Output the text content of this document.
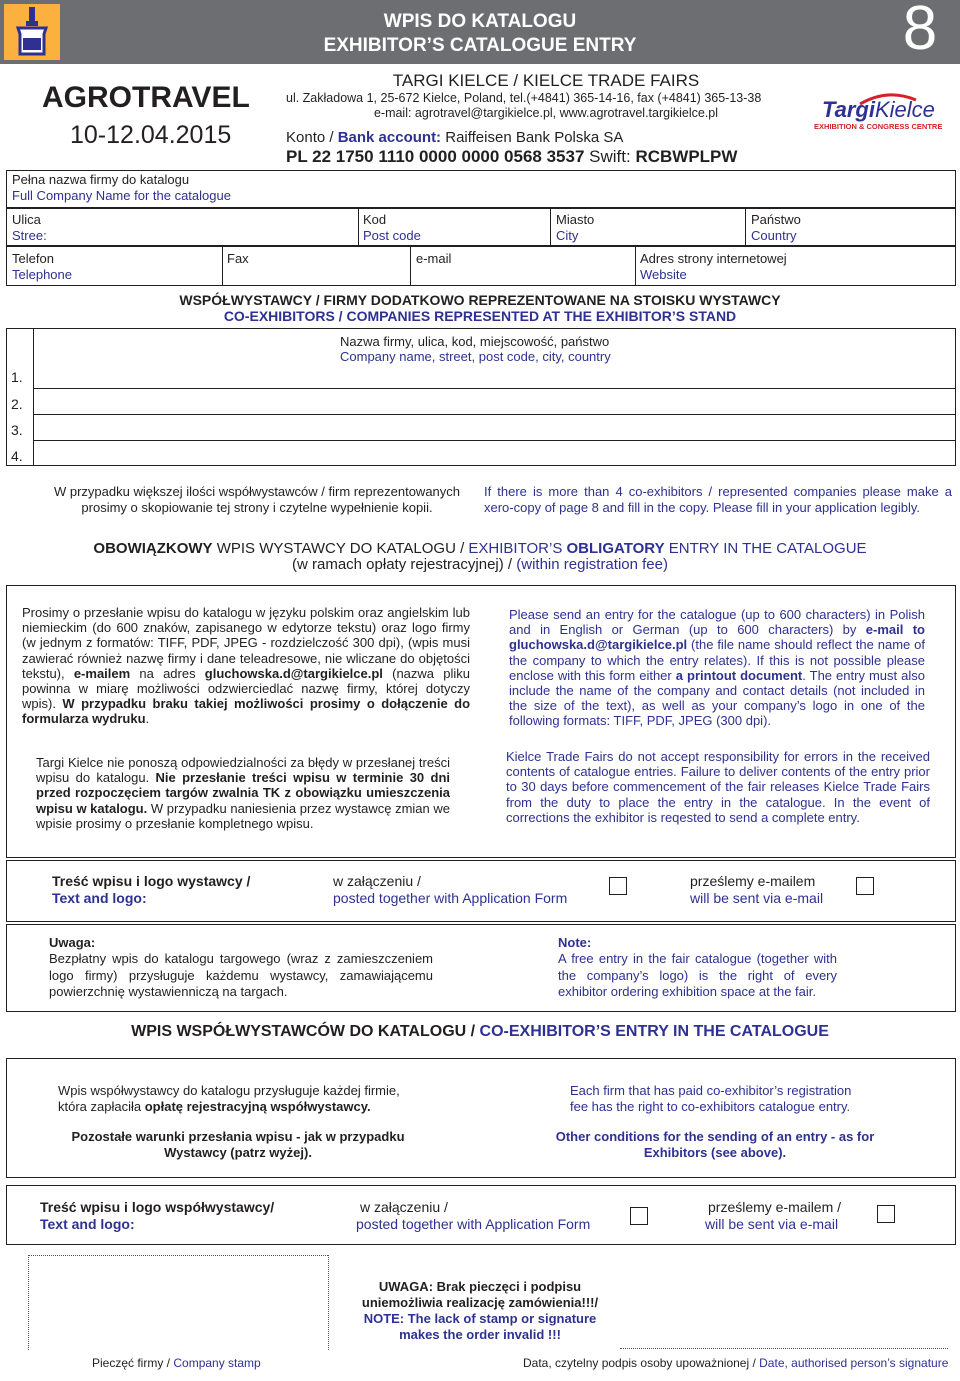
WPIS DO KATALOGU
EXHIBITOR’S CATALOGUE ENTRY	8
AGROTRAVEL
10-12.04.2015
TARGI KIELCE / KIELCE TRADE FAIRS
ul. Zakładowa 1, 25-672 Kielce, Poland, tel.(+4841) 365-14-16, fax (+4841) 365-13-38
e-mail: agrotravel@targikielce.pl, www.agrotravel.targikielce.pl
Konto / Bank account: Raiffeisen Bank Polska SA
PL 22 1750 1110 0000 0000 0568 3537 Swift: RCBWPLPW
TargiKielce
EXHIBITION & CONGRESS CENTRE
Pełna nazwa firmy do katalogu
Full Company Name for the catalogue
Ulica
Stree:
Kod
Post code
Miasto
City
Państwo
Country
Telefon
Telephone
Fax	e-mail	Adres strony internetowej
Website
WSPÓŁWYSTAWCY / FIRMY DODATKOWO REPREZENTOWANE NA STOISKU WYSTAWCY
CO-EXHIBITORS / COMPANIES REPRESENTED AT THE EXHIBITOR’S STAND
Nazwa firmy, ulica, kod, miejscowość, państwo
Company name, street, post code, city, country
1.
2.
3.
4.
W przypadku większej ilości współwystawców / firm reprezentowanych prosimy o skopiowanie tej strony i czytelne wypełnienie kopii.
If there is more than 4 co-exhibitors / represented companies please make a xero-copy of page 8 and fill in the copy. Please fill in your application legibly.
OBOWIĄZKOWY WPIS WYSTAWCY DO KATALOGU / EXHIBITOR’S OBLIGATORY ENTRY IN THE CATALOGUE
(w ramach opłaty rejestracyjnej) / (within registration fee)
Prosimy o przesłanie wpisu do katalogu w języku polskim oraz angielskim lub niemieckim (do 600 znaków, zapisanego w edytorze tekstu) oraz logo firmy (w jednym z formatów: TIFF, PDF, JPEG - rozdzielczość 300 dpi), (wpis musi zawierać również nazwę firmy i dane teleadresowe, nie wliczane do objętości tekstu), e-mailem na adres gluchowska.d@targikielce.pl (nazwa pliku powinna w miarę możliwości odzwierciedlać nazwę firmy, której dotyczy wpis). W przypadku braku takiej możliwości prosimy o dołączenie do formularza wydruku.
Please send an entry for the catalogue (up to 600 characters) in Polish and in English or German (up to 600 characters) by e-mail to gluchowska.d@targikielce.pl (the file name should reflect the name of the company to which the entry relates). If this is not possible please enclose with this form either a printout document. The entry must also include the name of the company and contact details (not included in the size of the text), as well as your company’s logo in one of the following formats: TIFF, PDF, JPEG (300 dpi).
Targi Kielce nie ponoszą odpowiedzialności za błędy w przesłanej treści wpisu do katalogu. Nie przesłanie treści wpisu w terminie 30 dni przed rozpoczęciem targów zwalnia TK z obowiązku umieszczenia wpisu w katalogu. W przypadku naniesienia przez wystawcę zmian we wpisie prosimy o przesłanie kompletnego wpisu.
Kielce Trade Fairs do not accept responsibility for errors in the received contents of catalogue entries. Failure to deliver contents of the entry prior to 30 days before commencement of the fair releases Kielce Trade Fairs from the duty to place the entry in the catalogue. In the event of corrections the exhibitor is reqested to send a complete entry.
Treść wpisu i logo wystawcy /
Text and logo:
w załączeniu /
posted together with Application Form
prześlemy e-mailem
will be sent via e-mail
Uwaga:
Bezpłatny wpis do katalogu targowego (wraz z zamieszczeniem logo firmy) przysługuje każdemu wystawcy, zamawiającemu powierzchnię wystawienniczą na targach.
Note:
A free entry in the fair catalogue (together with the company’s logo) is the right of every exhibitor ordering exhibition space at the fair.
WPIS WSPÓŁWYSTAWCÓW DO KATALOGU / CO-EXHIBITOR’S ENTRY IN THE CATALOGUE
Wpis współwystawcy do katalogu przysługuje każdej firmie, która zapłaciła opłatę rejestracyjną współwystawcy.
Each firm that has paid co-exhibitor’s registration fee has the right to co-exhibitors catalogue entry.
Pozostałe warunki przesłania wpisu - jak w przypadku Wystawcy (patrz wyżej).
Other conditions for the sending of an entry - as for Exhibitors (see above).
Treść wpisu i logo współwystawcy/
Text and logo:
w załączeniu /
posted together with Application Form
prześlemy e-mailem /
will be sent via e-mail
Pieczęć firmy / Company stamp
UWAGA: Brak pieczęci i podpisu
uniemożliwia realizację zamówienia!!!/
NOTE: The lack of stamp or signature
makes the order invalid !!!
Data, czytelny podpis osoby upoważnionej / Date, authorised person’s signature
